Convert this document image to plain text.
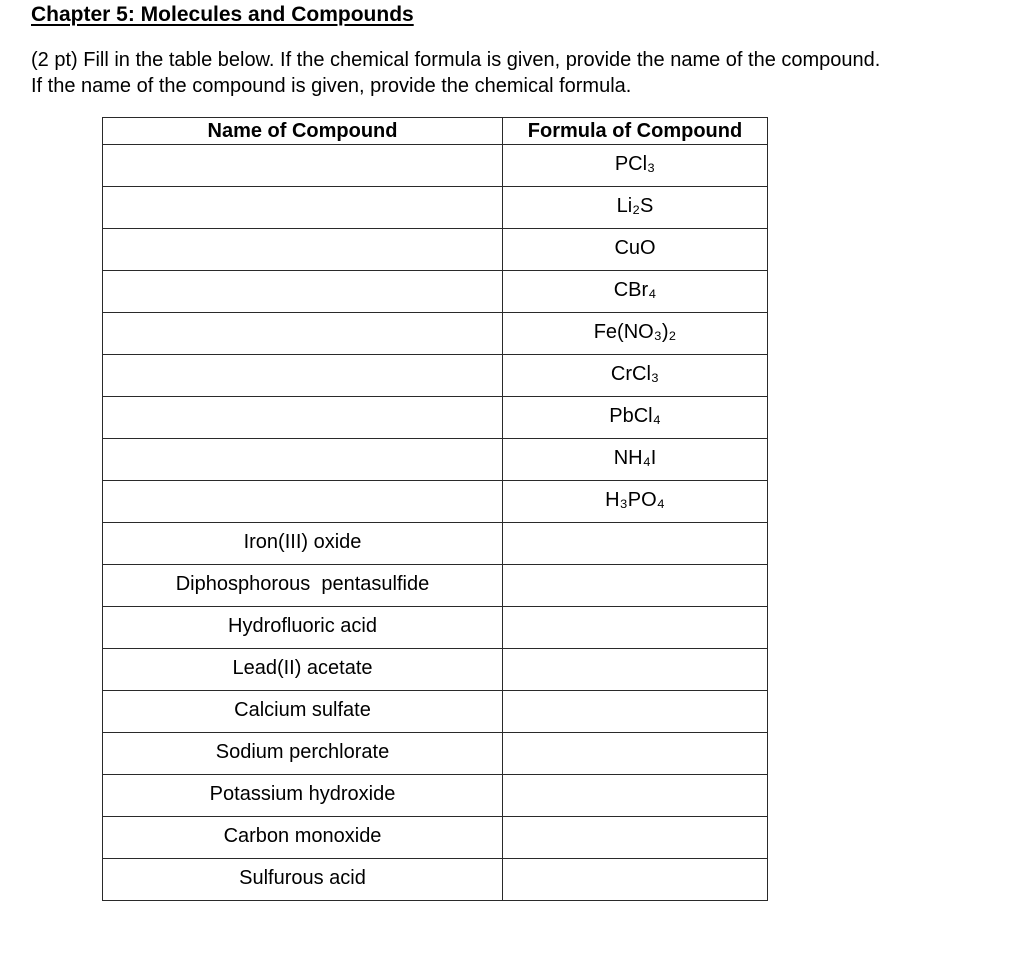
Chapter 5: Molecules and Compounds

(2 pt) Fill in the table below. If the chemical formula is given, provide the name of the compound.
If the name of the compound is given, provide the chemical formula.

Name of Compound	Formula of Compound
	PCl₃
	Li₂S
	CuO
	CBr₄
	Fe(NO₃)₂
	CrCl₃
	PbCl₄
	NH₄I
	H₃PO₄
Iron(III) oxide	
Diphosphorous  pentasulfide	
Hydrofluoric acid	
Lead(II) acetate	
Calcium sulfate	
Sodium perchlorate	
Potassium hydroxide	
Carbon monoxide	
Sulfurous acid	
